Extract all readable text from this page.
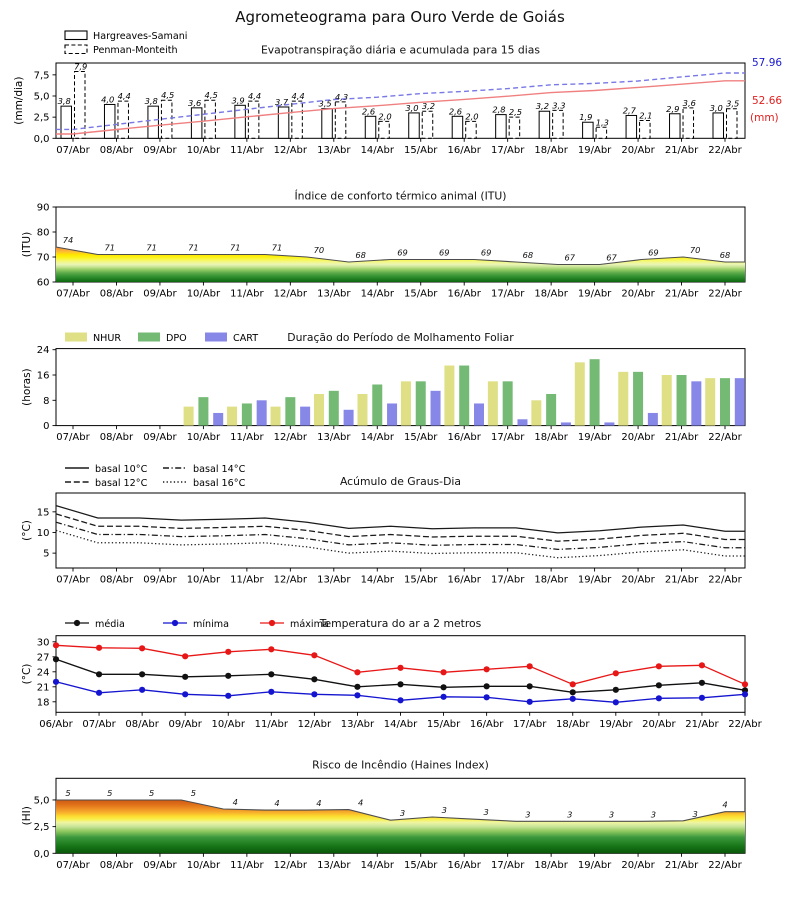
Agrometeograma para Ouro Verde de Goiás
0,0
2,5
5,0
7,5
(mm/dia)
07/Abr 08/Abr 09/Abr 10/Abr 11/Abr 12/Abr 13/Abr 14/Abr 15/Abr 16/Abr 17/Abr 18/Abr 19/Abr 20/Abr 21/Abr 22/Abr
Evapotranspiração diária e acumulada para 15 dias
3,8	4,0	3,8	3,6	3,9	3,7	3,5
2,6	3,0	2,6	2,8	3,2
1,9
2,7	2,9	3,0
7,9
4,4	4,5	4,5	4,4	4,4	4,3
2,0
3,2
2,0	2,5
3,3
1,3
2,1
3,6	3,5
57.96
52.66
(mm)
Hargreaves-Samani
Penman-Monteith
60
70
80
90
(ITU)
07/Abr 08/Abr 09/Abr 10/Abr 11/Abr 12/Abr 13/Abr 14/Abr 15/Abr 16/Abr 17/Abr 18/Abr 19/Abr 20/Abr 21/Abr 22/Abr
Índice de conforto térmico animal (ITU)
74
71	71	71	71	71	70	68	69	69	69	68	67	67	69	70 68
0
8
16
24
(horas)
07/Abr 08/Abr 09/Abr 10/Abr 11/Abr 12/Abr 13/Abr 14/Abr 15/Abr 16/Abr 17/Abr 18/Abr 19/Abr 20/Abr 21/Abr 22/Abr
Duração do Período de Molhamento Foliar
NHUR	DPO	CART
5
10
15
(°C)
07/Abr 08/Abr 09/Abr 10/Abr 11/Abr 12/Abr 13/Abr 14/Abr 15/Abr 16/Abr 17/Abr 18/Abr 19/Abr 20/Abr 21/Abr 22/Abr
Acúmulo de Graus-Dia
basal 10°C
basal 12°C
basal 14°C
basal 16°C
18
21
24
27
30
(°C)
06/Abr 07/Abr 08/Abr 09/Abr 10/Abr 11/Abr 12/Abr 13/Abr 14/Abr 15/Abr 16/Abr 17/Abr 18/Abr 19/Abr 20/Abr 21/Abr 22/Abr
Temperatura do ar a 2 metros
média	mínima	máxima
0,0
2,5
5,0
(HI)
07/Abr 08/Abr 09/Abr 10/Abr 11/Abr 12/Abr 13/Abr 14/Abr 15/Abr 16/Abr 17/Abr 18/Abr 19/Abr 20/Abr 21/Abr 22/Abr
Risco de Incêndio (Haines Index)
5	5	5	5
4	4	4	4
3	3	3	3	3	3	3	3
4
